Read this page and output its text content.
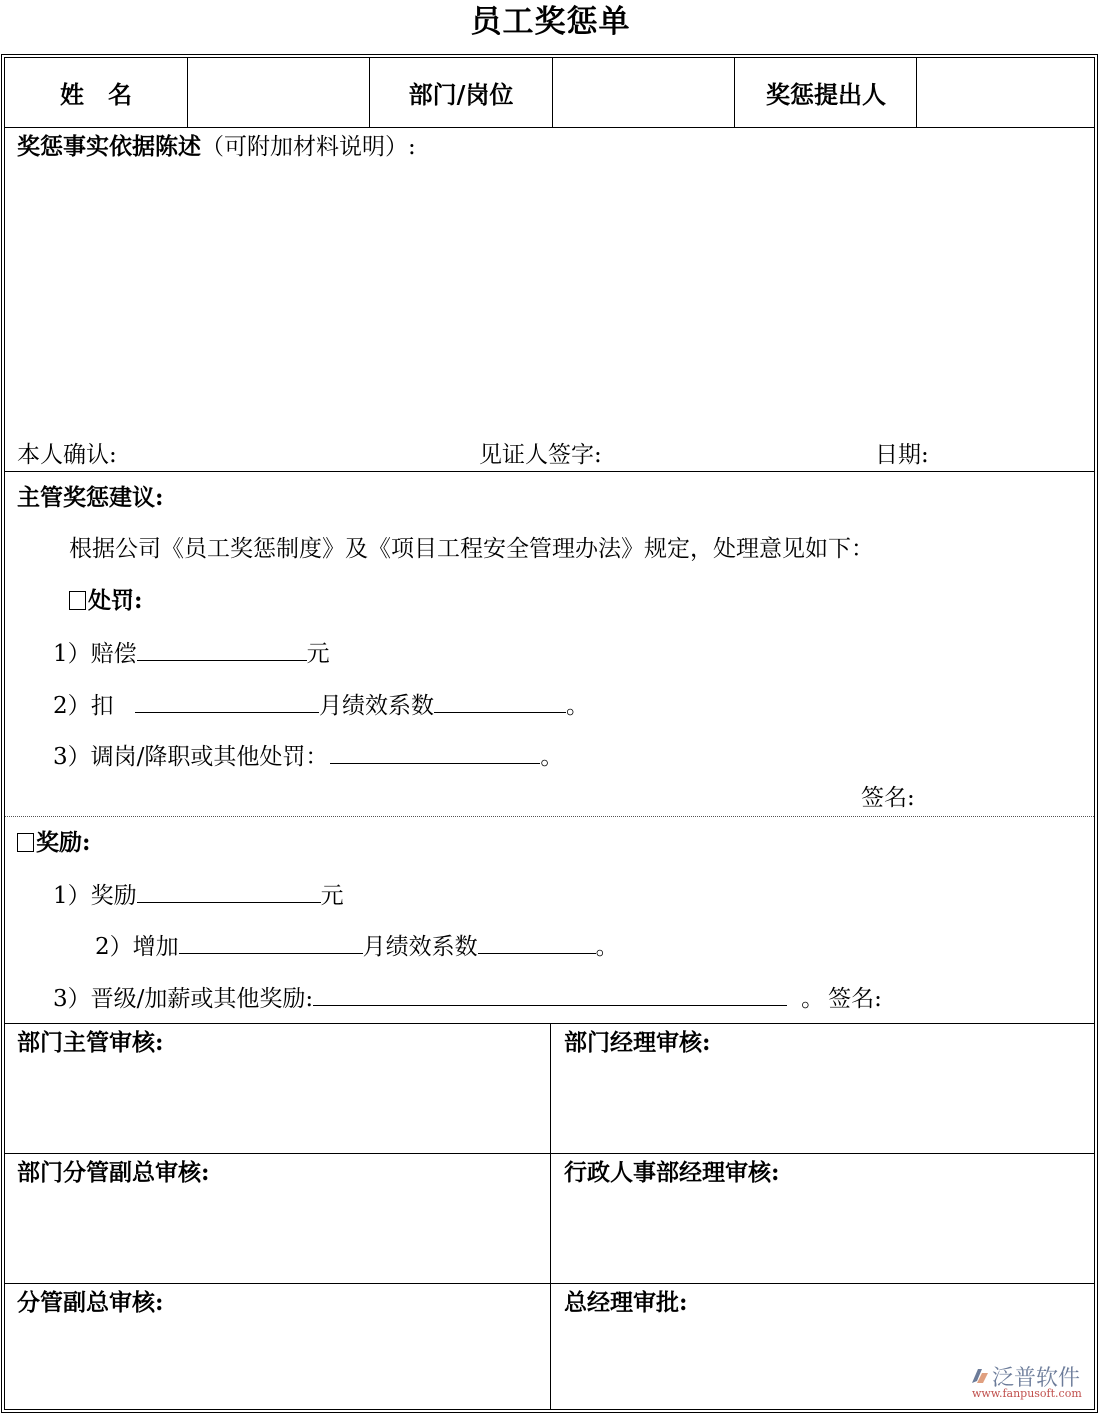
员工奖惩单
姓　名	部门/岗位	奖惩提出人
奖惩事实依据陈述（可附加材料说明）:
本人确认:	见证人签字:	日期:
主管奖惩建议:
根据公司《员工奖惩制度》及《项目工程安全管理办法》规定，处理意见如下：
处罚:
1）赔偿	元
2）扣	月绩效系数	。
3）调岗/降职或其他处罚：	。
签名:
奖励:
1）奖励	元
2）增加	月绩效系数	。
3）晋级/加薪或其他奖励:	。 签名:
部门主管审核:	部门经理审核:
部门分管副总审核:	行政人事部经理审核:
分管副总审核:	总经理审批:
泛普软件
www.fanpusoft.com
